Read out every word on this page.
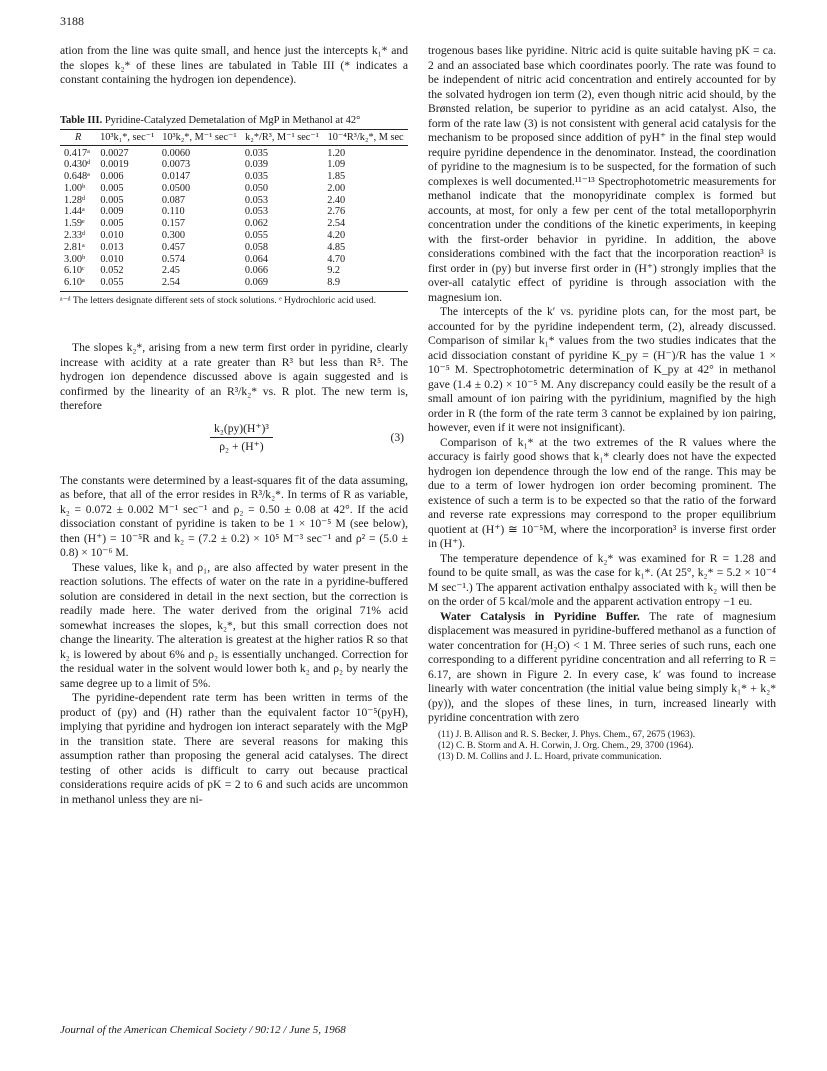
3188

ation from the line was quite small, and hence just the intercepts k₁* and the slopes k₂* of these lines are tabulated in Table III (* indicates a constant containing the hydrogen ion dependence).

Table III. Pyridine-Catalyzed Demetalation of MgP in Methanol at 42°
R	10³k₁*, sec⁻¹	10³k₂*, M⁻¹ sec⁻¹	k₂*/R³, M⁻¹ sec⁻¹	10⁻⁴R³/k₂*, M sec
0.417ᵃ	0.0027	0.0060	0.035	1.20
0.430ᵈ	0.0019	0.0073	0.039	1.09
0.648ᵃ	0.006	0.0147	0.035	1.85
1.00ᵇ	0.005	0.0500	0.050	2.00
1.28ᵈ	0.005	0.087	0.053	2.40
1.44ᵃ	0.009	0.110	0.053	2.76
1.59ᵉ	0.005	0.157	0.062	2.54
2.33ᵈ	0.010	0.300	0.055	4.20
2.81ᵃ	0.013	0.457	0.058	4.85
3.00ᵇ	0.010	0.574	0.064	4.70
6.10ᶜ	0.052	2.45	0.066	9.2
6.10ᵃ	0.055	2.54	0.069	8.9
ᵃ⁻ᵈ The letters designate different sets of stock solutions. ᵉ Hydrochloric acid used.

The slopes k₂*, arising from a new term first order in pyridine, clearly increase with acidity at a rate greater than R³ but less than R⁵. The hydrogen ion dependence discussed above is again suggested and is confirmed by the linearity of an R³/k₂* vs. R plot. The new term is, therefore

$\frac{\text{k₂(py)(H⁺)³}}{\text{ρ₂ + (H⁺)}}$	(3)

The constants were determined by a least-squares fit of the data assuming, as before, that all of the error resides in R³/k₂*. In terms of R as variable, k₂ = 0.072 ± 0.002 M⁻¹ sec⁻¹ and ρ₂ = 0.50 ± 0.08 at 42°. If the acid dissociation constant of pyridine is taken to be 1 × 10⁻⁵ M (see below), then (H⁺) = 10⁻⁵R and k₂ = (7.2 ± 0.2) × 10⁵ M⁻³ sec⁻¹ and ρ² = (5.0 ± 0.8) × 10⁻⁶ M.

These values, like k₁ and ρ₁, are also affected by water present in the reaction solutions. The effects of water on the rate in a pyridine-buffered solution are considered in detail in the next section, but the correction is readily made here. The water derived from the original 71% acid somewhat increases the slopes, k₂*, but this small correction does not change the linearity. The alteration is greatest at the higher ratios R so that k₂ is lowered by about 6% and ρ₂ is essentially unchanged. Correction for the residual water in the solvent would lower both k₂ and ρ₂ by nearly the same degree up to a limit of 5%.

The pyridine-dependent rate term has been written in terms of the product of (py) and (H) rather than the equivalent factor 10⁻⁵(pyH), implying that pyridine and hydrogen ion interact separately with the MgP in the transition state. There are several reasons for making this assumption rather than proposing the general acid catalyses. The direct testing of other acids is difficult to carry out because practical considerations require acids of pK = 2 to 6 and such acids are uncommon in methanol unless they are ni-

trogenous bases like pyridine. Nitric acid is quite suitable having pK = ca. 2 and an associated base which coordinates poorly. The rate was found to be independent of nitric acid concentration and entirely accounted for by the solvated hydrogen ion term (2), even though nitric acid should, by the Brønsted relation, be superior to pyridine as an acid catalyst. Also, the form of the rate law (3) is not consistent with general acid catalysis for the mechanism to be proposed since addition of pyH⁺ in the final step would require pyridine dependence in the denominator. Instead, the coordination of pyridine to the magnesium is to be suspected, for the formation of such complexes is well documented.¹¹⁻¹³ Spectrophotometric measurements for methanol indicate that the monopyridinate complex is formed but accounts, at most, for only a few per cent of the total metalloporphyrin concentration under the conditions of the kinetic experiments, in keeping with the first-order behavior in pyridine. In addition, the above considerations combined with the fact that the incorporation reaction³ is first order in (py) but inverse first order in (H⁺) strongly implies that the over-all catalytic effect of pyridine is through association with the magnesium ion.

The intercepts of the k′ vs. pyridine plots can, for the most part, be accounted for by the pyridine independent term, (2), already discussed. Comparison of similar k₁* values from the two studies indicates that the acid dissociation constant of pyridine K_py = (H⁻)/R has the value 1 × 10⁻⁵ M. Spectrophotometric determination of K_py at 42° in methanol gave (1.4 ± 0.2) × 10⁻⁵ M. Any discrepancy could easily be the result of a small amount of ion pairing with the pyridinium, magnified by the high order in R (the form of the rate term 3 cannot be explained by ion pairing, however, even if it were not insignificant).

Comparison of k₁* at the two extremes of the R values where the accuracy is fairly good shows that k₁* clearly does not have the expected hydrogen ion dependence through the low end of the range. This may be due to a term of lower hydrogen ion order becoming prominent. The existence of such a term is to be expected so that the ratio of the forward and reverse rate expressions may correspond to the proper equilibrium quotient at (H⁺) ≅ 10⁻⁵M, where the incorporation³ is inverse first order in (H⁺).

The temperature dependence of k₂* was examined for R = 1.28 and found to be quite small, as was the case for k₁*. (At 25°, k₂* = 5.2 × 10⁻⁴ M sec⁻¹.) The apparent activation enthalpy associated with k₂ will then be on the order of 5 kcal/mole and the apparent activation entropy −1 eu.

Water Catalysis in Pyridine Buffer. The rate of magnesium displacement was measured in pyridine-buffered methanol as a function of water concentration for (H₂O) < 1 M. Three series of such runs, each one corresponding to a different pyridine concentration and all referring to R = 6.17, are shown in Figure 2. In every case, k′ was found to increase linearly with water concentration (the initial value being simply k₁* + k₂*(py)), and the slopes of these lines, in turn, increased linearly with pyridine concentration with zero

(11) J. B. Allison and R. S. Becker, J. Phys. Chem., 67, 2675 (1963).
(12) C. B. Storm and A. H. Corwin, J. Org. Chem., 29, 3700 (1964).
(13) D. M. Collins and J. L. Hoard, private communication.
Journal of the American Chemical Society / 90:12 / June 5, 1968
